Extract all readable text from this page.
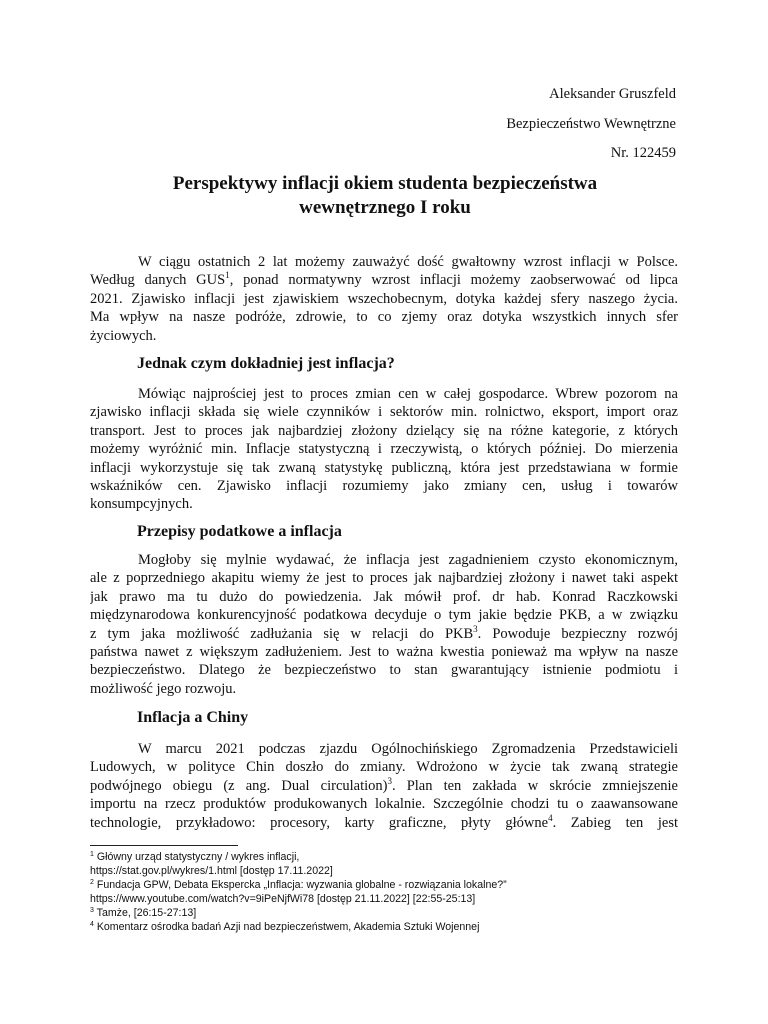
Aleksander Gruszfeld
Bezpieczeństwo Wewnętrzne
Nr. 122459
Perspektywy inflacji okiem studenta bezpieczeństwa
wewnętrznego I roku
W ciągu ostatnich 2 lat możemy zauważyć dość gwałtowny wzrost inflacji w Polsce.
Według danych GUS$^1$, ponad normatywny wzrost inflacji możemy zaobserwować od lipca
2021. Zjawisko inflacji jest zjawiskiem wszechobecnym, dotyka każdej sfery naszego życia.
Ma wpływ na nasze podróże, zdrowie, to co zjemy oraz dotyka wszystkich innych sfer
życiowych.
Jednak czym dokładniej jest inflacja?
Mówiąc najprościej jest to proces zmian cen w całej gospodarce. Wbrew pozorom na
zjawisko inflacji składa się wiele czynników i sektorów min. rolnictwo, eksport, import oraz
transport. Jest to proces jak najbardziej złożony dzielący się na różne kategorie, z których
możemy wyróżnić min. Inflacje statystyczną i rzeczywistą, o których później. Do mierzenia
inflacji wykorzystuje się tak zwaną statystykę publiczną, która jest przedstawiana w formie
wskaźników cen. Zjawisko inflacji rozumiemy jako zmiany cen, usług i towarów
konsumpcyjnych.
Przepisy podatkowe a inflacja
Mogłoby się mylnie wydawać, że inflacja jest zagadnieniem czysto ekonomicznym,
ale z poprzedniego akapitu wiemy że jest to proces jak najbardziej złożony i nawet taki aspekt
jak prawo ma tu dużo do powiedzenia. Jak mówił prof. dr hab. Konrad Raczkowski
międzynarodowa konkurencyjność podatkowa decyduje o tym jakie będzie PKB, a w związku
z tym jaka możliwość zadłużania się w relacji do PKB$^3$. Powoduje bezpieczny rozwój
państwa nawet z większym zadłużeniem. Jest to ważna kwestia ponieważ ma wpływ na nasze
bezpieczeństwo. Dlatego że bezpieczeństwo to stan gwarantujący istnienie podmiotu i
możliwość jego rozwoju.
Inflacja a Chiny
W marcu 2021 podczas zjazdu Ogólnochińskiego Zgromadzenia Przedstawicieli
Ludowych, w polityce Chin doszło do zmiany. Wdrożono w życie tak zwaną strategie
podwójnego obiegu (z ang. Dual circulation)$^3$. Plan ten zakłada w skrócie zmniejszenie
importu na rzecz produktów produkowanych lokalnie. Szczególnie chodzi tu o zaawansowane
technologie, przykładowo: procesory, karty graficzne, płyty główne$^4$. Zabieg ten jest
$^1$ Główny urząd statystyczny / wykres inflacji,
https://stat.gov.pl/wykres/1.html [dostęp 17.11.2022]
$^2$ Fundacja GPW, Debata Ekspercka „Inflacja: wyzwania globalne - rozwiązania lokalne?”
https://www.youtube.com/watch?v=9iPeNjfWi78 [dostęp 21.11.2022] [22:55-25:13]
$^3$ Tamże, [26:15-27:13]
$^4$ Komentarz ośrodka badań Azji nad bezpieczeństwem, Akademia Sztuki Wojennej
